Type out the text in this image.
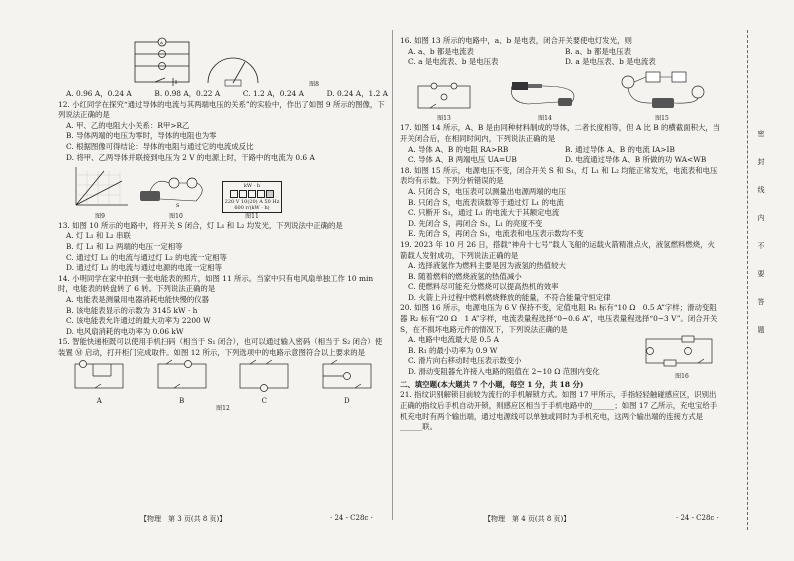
A
图8
A. 0.96 A，0.24 A	B. 0.98 A，0.22 A	C. 1.2 A，0.24 A	D. 0.24 A，1.2 A

12. 小红同学在探究“通过导体的电流与其两端电压的关系”的实验中，作出了如图 9 所示的图像，下列说法正确的是

A. 甲、乙的电阻大小关系：R甲>R乙

B. 导体两端的电压为零时，导体的电阻也为零

C. 根据图像可得结论：导体的电阻与通过它的电流成反比

D. 将甲、乙两导体并联接到电压为 2 V 的电源上时，干路中的电流为 0.6 A

图9
S
图10
kW · h
220 V 10(20) A 50 Hz
600 r/(kW · h)
图11

13. 如图 10 所示的电路中，将开关 S 闭合，灯 L₁ 和 L₂ 均发光，下列说法中正确的是

A. 灯 L₁ 和 L₂ 串联

B. 灯 L₁ 和 L₂ 两端的电压一定相等

C. 通过灯 L₁ 的电流与通过灯 L₂ 的电流一定相等

D. 通过灯 L₁ 的电流与通过电源的电流一定相等

14. 小明同学在家中拍到一张电能表的照片，如图 11 所示。当家中只有电风扇单独工作 10 min 时，电能表的转盘转了 6 转。下列说法正确的是

A. 电能表是测量用电器消耗电能快慢的仪器

B. 该电能表显示的示数为 3145 kW · h

C. 该电能表允许通过的最大功率为 2200 W

D. 电风扇消耗的电功率为 0.06 kW

15. 智能快递柜既可以使用手机扫码（相当于 S₁ 闭合），也可以通过输入密码（相当于 S₂ 闭合）使装置 Ⓜ 启动，打开柜门完成取件。如图 12 所示，下列选项中的电路示意图符合以上要求的是

A	B	C	D
图12
【物理　第 3 页(共 8 页)】	· 24 - C28c ·

16. 如图 13 所示的电路中，a、b 是电表，闭合开关要使电灯发光，则

A. a、b 都是电流表	B. a、b 都是电压表
C. a 是电流表、b 是电压表	D. a 是电压表、b 是电流表
图13	图14	图15

17. 如图 14 所示，A、B 是由同种材料制成的导体，二者长度相等，但 A 比 B 的横截面积大，当开关闭合后，在相同时间内，下列说法正确的是

A. 导体 A、B 的电阻 RA>RB	B. 通过导体 A、B 的电流 IA>IB
C. 导体 A、B 两端电压 UA=UB	D. 电流通过导体 A、B 所做的功 WA<WB

18. 如图 15 所示，电源电压不变，闭合开关 S 和 S₁，灯 L₁ 和 L₂ 均能正常发光，电流表和电压表均有示数。下列分析错误的是

A. 只闭合 S，电压表可以测量出电源两端的电压

B. 只闭合 S，电流表读数等于通过灯 L₁ 的电流

C. 只断开 S₁，通过 L₁ 的电流大于其额定电流

D. 先闭合 S，再闭合 S₁，L₁ 的亮度不变

E. 先闭合 S，再闭合 S₁，电流表和电压表示数均不变

19. 2023 年 10 月 26 日，搭载“神舟十七号”载人飞船的运载火箭精准点火，液氢燃料燃烧，火箭载人发射成功，下列说法正确的是

A. 选择液氢作为燃料主要是因为液氢的热值较大

B. 随着燃料的燃烧液氢的热值减小

C. 使燃料尽可能充分燃烧可以提高热机的效率

D. 火箭上升过程中燃料燃烧释放的能量，不符合能量守恒定律

20. 如图 16 所示，电源电压为 6 V 保持不变，定值电阻 R₁ 标有“10 Ω　0.5 A”字样；滑动变阻器 R₂ 标有“20 Ω　1 A”字样，电流表量程选择“0~0.6 A”，电压表量程选择“0~3 V”。闭合开关 S，在不损坏电路元件的情况下，下列说法正确的是

A. 电路中电流最大是 0.5 A

B. R₁ 的最小功率为 0.9 W

C. 滑片向右移动时电压表示数变小

D. 滑动变阻器允许接入电路的阻值在 2~10 Ω 范围内变化

图16

二、填空题(本大题共 7 个小题，每空 1 分，共 18 分)

21. 指纹识别解锁目前较为流行的手机解锁方式。如图 17 甲所示，手指轻轻触碰感应区，识别出正确的指纹后手机自动开锁，则感应区相当于手机电路中的______；如图 17 乙所示，充电宝给手机充电时有两个输出端，通过电源线可以单独或同时为手机充电，这两个输出端的连接方式是______联。

【物理　第 4 页(共 8 页)】	· 24 - C28c ·
密
封
线
内
不
要
答
题
